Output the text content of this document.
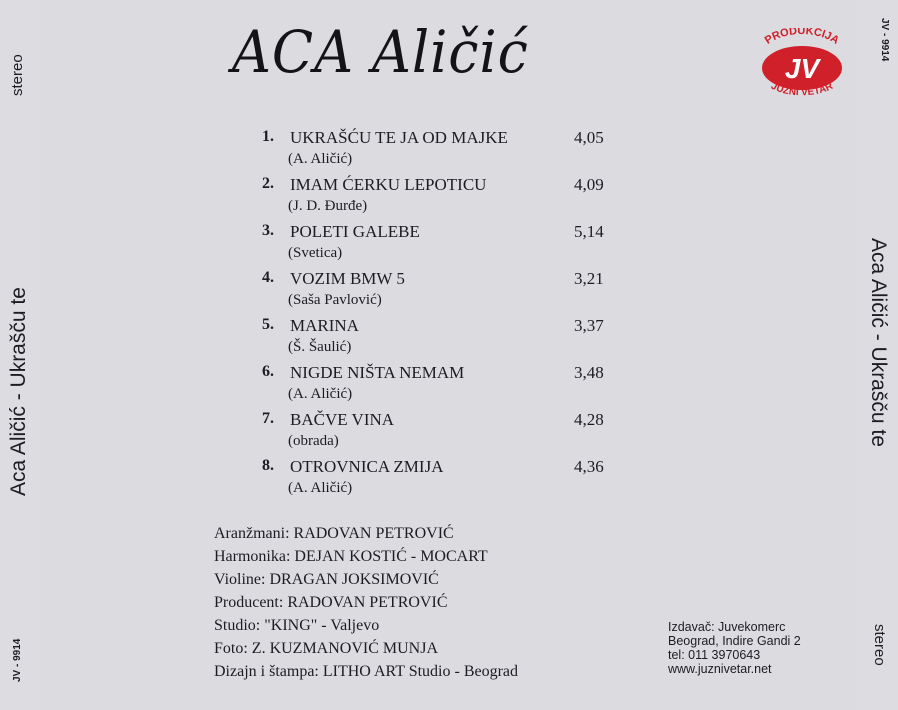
stereo
Aca Aličić - Ukrašču te
JV - 9914
JV - 9914
Aca Aličić - Ukrašču te
stereo
ACA Aličić	PRODUKCIJA
JV
JUŽNI VETAR
1. UKRAŠĆU TE JA OD MAJKE	4,05
(A. Aličić)
2. IMAM ĆERKU LEPOTICU	4,09
(J. D. Đurđe)
3. POLETI GALEBE	5,14
(Svetica)
4. VOZIM BMW 5	3,21
(Saša Pavlović)
5. MARINA	3,37
(Š. Šaulić)
6. NIGDE NIŠTA NEMAM	3,48
(A. Aličić)
7. BAČVE VINA	4,28
(obrada)
8. OTROVNICA ZMIJA	4,36
(A. Aličić)
Aranžmani: RADOVAN PETROVIĆ
Harmonika: DEJAN KOSTIĆ - MOCART
Violine: DRAGAN JOKSIMOVIĆ
Producent: RADOVAN PETROVIĆ
Studio: "KING" - Valjevo
Foto: Z. KUZMANOVIĆ MUNJA
Dizajn i štampa: LITHO ART Studio - Beograd
Izdavač: Juvekomerc
Beograd, Indire Gandi 2
tel: 011 3970643
www.juznivetar.net
